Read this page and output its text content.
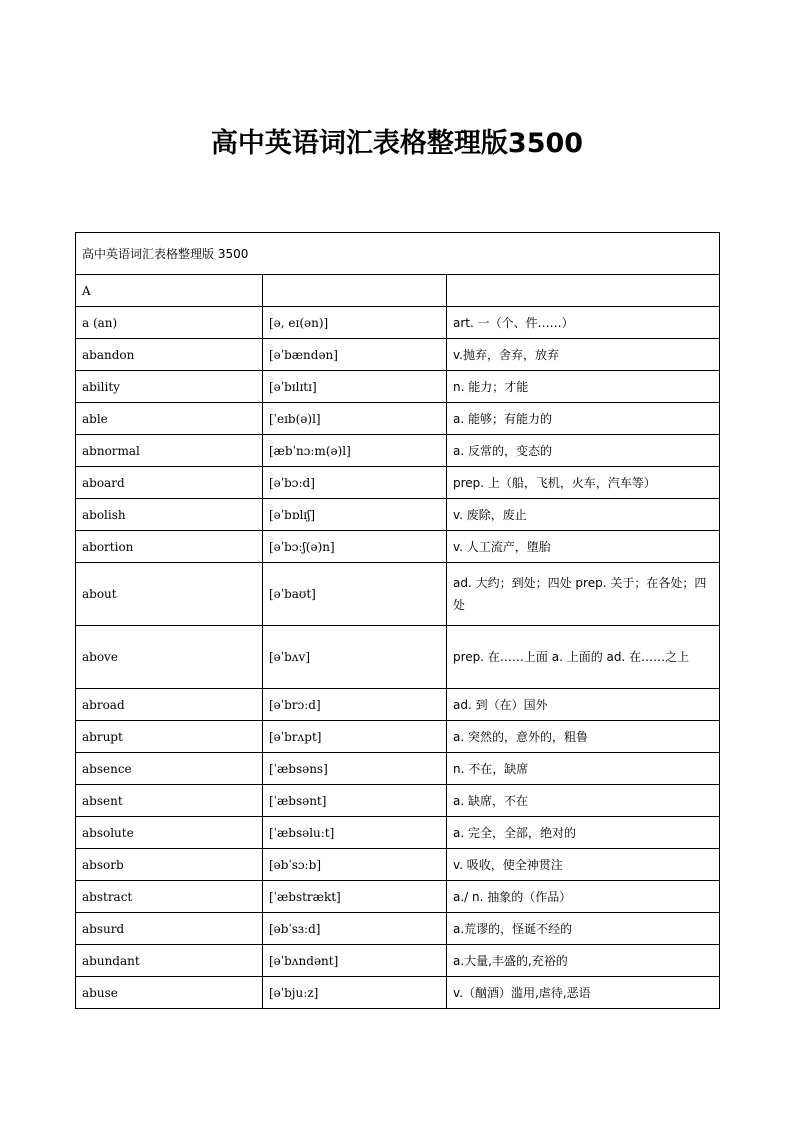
高中英语词汇表格整理版3500
高中英语词汇表格整理版 3500		
A		
a (an)	[ə, eɪ(ən)]	art. 一（个、件……）
abandon	[əˈbændən]	v.抛弃，舍弃，放弃
ability	[əˈbɪlɪtɪ]	n. 能力；才能
able	[ˈeɪb(ə)l]	a. 能够；有能力的
abnormal	[æbˈnɔːm(ə)l]	a. 反常的，变态的
aboard	[əˈbɔːd]	prep. 上（船，飞机，火车，汽车等）
abolish	[əˈbɒlɪʃ]	v. 废除，废止
abortion	[əˈbɔːʃ(ə)n]	v. 人工流产，堕胎
about	[əˈbaʊt]	ad. 大约；到处；四处 prep. 关于；在各处；四处
above	[əˈbʌv]	prep. 在……上面 a. 上面的 ad. 在……之上
abroad	[əˈbrɔːd]	ad. 到（在）国外
abrupt	[əˈbrʌpt]	a. 突然的，意外的，粗鲁
absence	[ˈæbsəns]	n. 不在，缺席
absent	[ˈæbsənt]	a. 缺席，不在
absolute	[ˈæbsəluːt]	a. 完全，全部，绝对的
absorb	[əbˈsɔːb]	v. 吸收，使全神贯注
abstract	[ˈæbstrækt]	a./ n. 抽象的（作品）
absurd	[əbˈsɜːd]	a.荒谬的，怪诞不经的
abundant	[əˈbʌndənt]	a.大量,丰盛的,充裕的
abuse	[əˈbjuːz]	v.（酗酒）滥用,虐待,恶语
